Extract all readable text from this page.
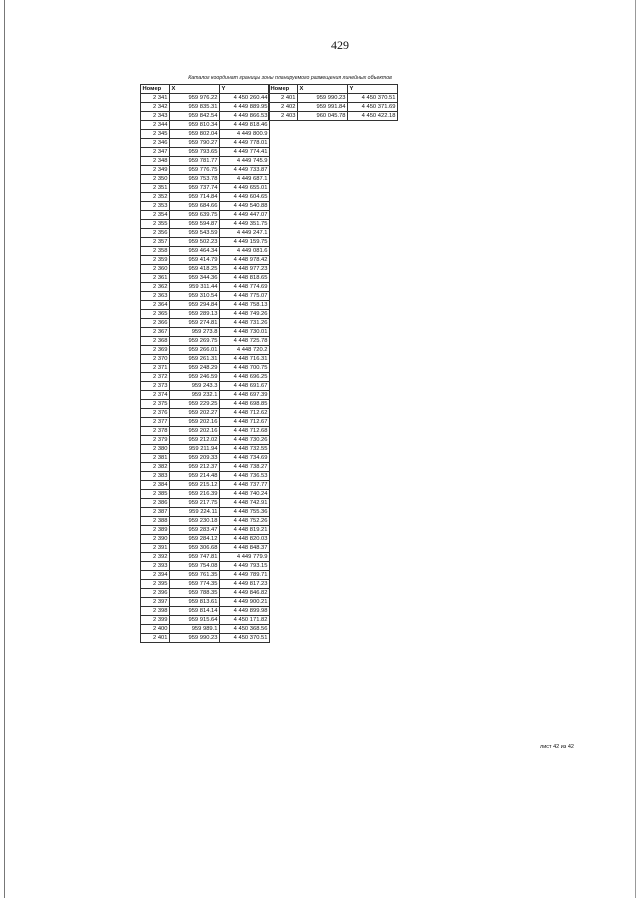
429
Каталог координат границы зоны планируемого размещения линейных объектов
Номер	X	Y
2 341	959 976.22	4 450 260.44
2 342	959 835.31	4 449 889.95
2 343	959 842.54	4 449 866.53
2 344	959 810.34	4 449 818.46
2 345	959 802.04	4 449 800.9
2 346	959 790.27	4 449 778.01
2 347	959 793.65	4 449 774.41
2 348	959 781.77	4 449 745.9
2 349	959 776.75	4 449 733.87
2 350	959 753.78	4 449 687.1
2 351	959 737.74	4 449 655.01
2 352	959 714.84	4 449 604.65
2 353	959 684.66	4 449 540.88
2 354	959 639.75	4 449 447.07
2 355	959 594.87	4 449 351.75
2 356	959 543.59	4 449 247.1
2 357	959 502.23	4 449 159.75
2 358	959 464.34	4 449 081.6
2 359	959 414.79	4 448 978.42
2 360	959 418.25	4 448 977.23
2 361	959 344.36	4 448 818.65
2 362	959 311.44	4 448 774.69
2 363	959 310.54	4 448 775.07
2 364	959 294.84	4 448 758.13
2 365	959 289.13	4 448 749.26
2 366	959 274.81	4 448 731.26
2 367	959 273.8	4 448 730.01
2 368	959 269.75	4 448 725.78
2 369	959 266.01	4 448 720.2
2 370	959 261.31	4 448 716.31
2 371	959 248.29	4 448 700.75
2 372	959 246.59	4 448 696.25
2 373	959 243.3	4 448 691.67
2 374	959 232.1	4 448 697.39
2 375	959 229.25	4 448 698.85
2 376	959 202.27	4 448 712.62
2 377	959 202.16	4 448 712.67
2 378	959 202.16	4 448 712.68
2 379	959 212.02	4 448 730.26
2 380	959 211.94	4 448 732.55
2 381	959 209.33	4 448 734.69
2 382	959 212.37	4 448 738.27
2 383	959 214.48	4 448 736.53
2 384	959 215.12	4 448 737.77
2 385	959 216.39	4 448 740.24
2 386	959 217.75	4 448 742.91
2 387	959 224.11	4 448 755.36
2 388	959 230.18	4 448 752.26
2 389	959 283.47	4 448 819.21
2 390	959 284.12	4 448 820.03
2 391	959 306.68	4 448 848.37
2 392	959 747.81	4 449 779.9
2 393	959 754.08	4 449 793.15
2 394	959 761.35	4 449 789.71
2 395	959 774.35	4 449 817.23
2 396	959 788.35	4 449 846.82
2 397	959 813.61	4 449 900.21
2 398	959 814.14	4 449 899.98
2 399	959 915.64	4 450 171.82
2 400	959 989.1	4 450 368.56
2 401	959 990.23	4 450 370.51
Номер	X	Y
2 401	959 990.23	4 450 370.51
2 402	959 991.84	4 450 371.69
2 403	960 045.78	4 450 422.18
лист 42 из 42
